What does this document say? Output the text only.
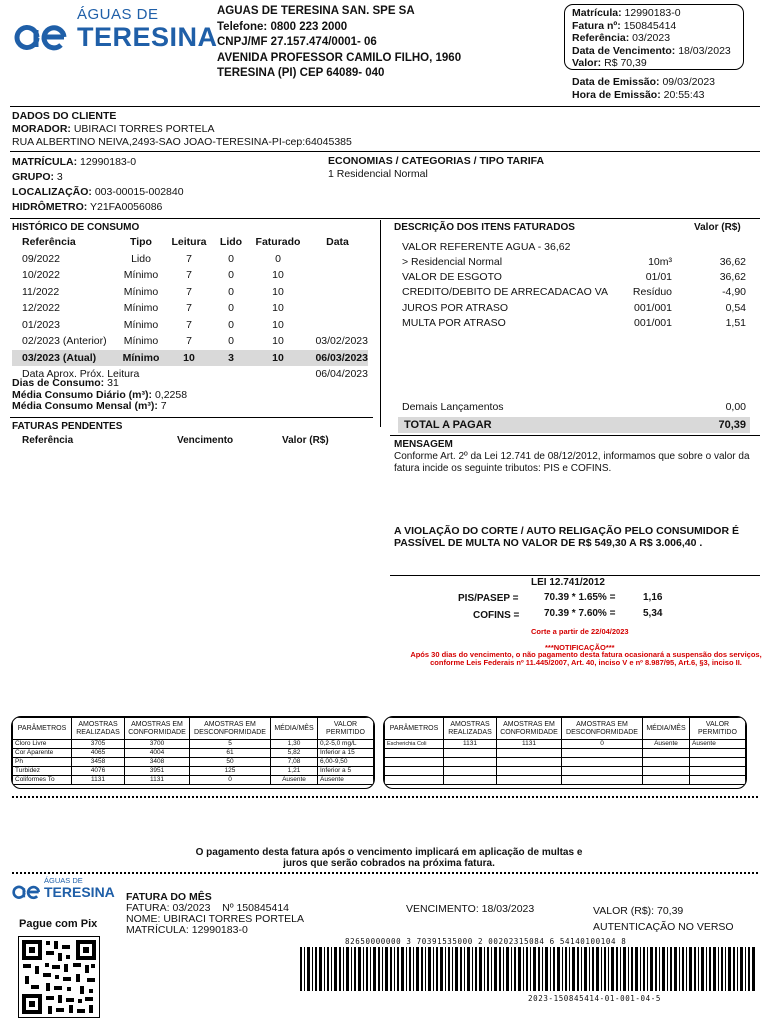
ÁGUAS DE
TERESINA
AGUAS DE TERESINA SAN. SPE SA
Telefone: 0800 223 2000
CNPJ/MF 27.157.474/0001- 06
AVENIDA PROFESSOR CAMILO FILHO, 1960
TERESINA (PI) CEP 64089- 040
Matrícula: 12990183-0
Fatura nº: 150845414
Referência: 03/2023
Data de Vencimento: 18/03/2023
Valor: R$ 70,39
Data de Emissão: 09/03/2023
Hora de Emissão: 20:55:43
DADOS DO CLIENTE
MORADOR: UBIRACI TORRES PORTELA
RUA ALBERTINO NEIVA,2493-SAO JOAO-TERESINA-PI-cep:64045385
MATRÍCULA: 12990183-0
GRUPO: 3
LOCALIZAÇÃO: 003-00015-002840
HIDRÔMETRO: Y21FA0056086
ECONOMIAS / CATEGORIAS / TIPO TARIFA
1 Residencial Normal
HISTÓRICO DE CONSUMO
Referência	Tipo	Leitura	Lido	Faturado	Data
09/2022	Lido	7	0	0	
10/2022	Mínimo	7	0	10	
11/2022	Mínimo	7	0	10	
12/2022	Mínimo	7	0	10	
01/2023	Mínimo	7	0	10	
02/2023 (Anterior)	Mínimo	7	0	10	03/02/2023
03/2023 (Atual)	Mínimo	10	3	10	06/03/2023
Data Aprox. Próx. Leitura					06/04/2023
Dias de Consumo: 31
Média Consumo Diário (m³): 0,2258
Média Consumo Mensal (m³): 7
FATURAS PENDENTES
Referência	Vencimento	Valor (R$)
DESCRIÇÃO DOS ITENS FATURADOS	Valor (R$)
VALOR REFERENTE AGUA - 36,62
> Residencial Normal	10m³	36,62
VALOR DE ESGOTO	01/01	36,62
CREDITO/DEBITO DE ARRECADACAO VA Resíduo	-4,90
JUROS POR ATRASO	001/001	0,54
MULTA POR ATRASO	001/001	1,51
Demais Lançamentos	0,00
TOTAL A PAGAR	70,39
MENSAGEM
Conforme Art. 2º da Lei 12.741 de 08/12/2012, informamos que sobre o valor da fatura incide os seguinte tributos: PIS e COFINS.
A VIOLAÇÃO DO CORTE / AUTO RELIGAÇÃO PELO CONSUMIDOR É PASSÍVEL DE MULTA NO VALOR DE R$ 549,30 A R$ 3.006,40 .
LEI 12.741/2012
PIS/PASEP =	70.39 * 1.65% =	1,16
COFINS = 70.39 * 7.60% =	5,34
Corte a partir de 22/04/2023
***NOTIFICAÇÃO***
Após 30 dias do vencimento, o não pagamento desta fatura ocasionará a suspensão dos serviços, conforme Leis Federais nº 11.445/2007, Art. 40, inciso V e nº 8.987/95, Art.6, §3, inciso II.
PARÂMETROS	AMOSTRAS REALIZADAS	AMOSTRAS EM CONFORMIDADE	AMOSTRAS EM DESCONFORMIDADE	MÉDIA/MÊS	VALOR PERMITIDO
Cloro Livre	3705	3700	5	1,30	0,2-5,0 mg/L
Cor Aparente	4065	4004	61	5,82	Inferior a 15
Ph	3458	3408	50	7,08	6,00-9,50
Turbidez	4076	3951	125	1,21	Inferior a 5
Coliformes To	1131	1131	0	Ausente	Ausente
PARÂMETROS	AMOSTRAS REALIZADAS	AMOSTRAS EM CONFORMIDADE	AMOSTRAS EM DESCONFORMIDADE	MÉDIA/MÊS	VALOR PERMITIDO
Escherichia Coli	1131	1131	0	Ausente	Ausente

O pagamento desta fatura após o vencimento implicará em aplicação de multas e juros que serão cobrados na próxima fatura.
ÁGUAS DE
TERESINA
Pague com Pix
FATURA DO MÊS
FATURA: 03/2023 Nº 150845414
NOME: UBIRACI TORRES PORTELA
MATRÍCULA: 12990183-0
VENCIMENTO: 18/03/2023	VALOR (R$): 70,39
AUTENTICAÇÃO NO VERSO
82650000000 3 70391535000 2 00202315084 6 54140100104 8
2023-150845414-01-001-04-5
